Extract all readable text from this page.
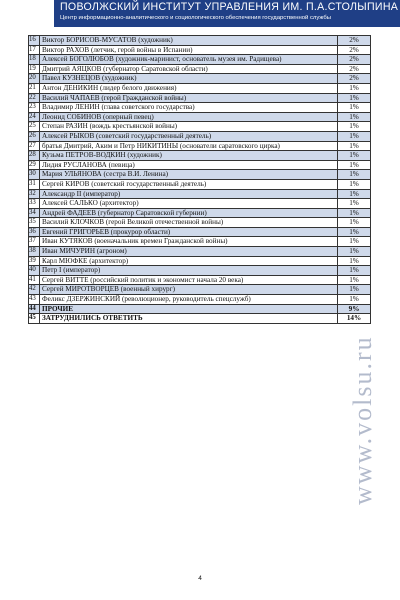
ПОВОЛЖСКИЙ ИНСТИТУТ УПРАВЛЕНИЯ ИМ. П.А.СТОЛЫПИНА
Центр информационно-аналитического и социологического обеспечения государственной службы
16	Виктор БОРИСОВ-МУСАТОВ (художник)	2%
17	Виктор РАХОВ (летчик, герой войны в Испании)	2%
18	Алексей БОГОЛЮБОВ (художник-маринист, основатель музея им. Радищева)	2%
19	Дмитрий АЯЦКОВ (губернатор Саратовской области)	2%
20	Павел КУЗНЕЦОВ (художник)	2%
21	Антон ДЕНИКИН (лидер белого движения)	1%
22	Василий ЧАПАЕВ (герой Гражданской войны)	1%
23	Владимир ЛЕНИН (глава советского государства)	1%
24	Леонид СОБИНОВ (оперный певец)	1%
25	Степан РАЗИН (вождь крестьянской войны)	1%
26	Алексей РЫКОВ (советский государственный деятель)	1%
27	братья Дмитрий, Аким и Петр НИКИТИНЫ (основатели саратовского цирка)	1%
28	Кузьма ПЕТРОВ-ВОДКИН (художник)	1%
29	Лидия РУСЛАНОВА (певица)	1%
30	Мария УЛЬЯНОВА (сестра В.И. Ленина)	1%
31	Сергей КИРОВ (советский государственный деятель)	1%
32	Александр II (император)	1%
33	Алексей САЛЬКО (архитектор)	1%
34	Андрей ФАДЕЕВ (губернатор Саратовской губернии)	1%
35	Василий КЛОЧКОВ (герой Великой отечественной войны)	1%
36	Евгений ГРИГОРЬЕВ (прокурор области)	1%
37	Иван КУТЯКОВ (военачальник времен Гражданской войны)	1%
38	Иван МИЧУРИН (агроном)	1%
39	Карл МЮФКЕ (архитектор)	1%
40	Петр I (император)	1%
41	Сергей ВИТТЕ (российский политик и экономист начала 20 века)	1%
42	Сергей МИРОТВОРЦЕВ (военный хирург)	1%
43	Феликс ДЗЕРЖИНСКИЙ (революционер, руководитель спецслужб)	1%
44	ПРОЧИЕ	9%
45	ЗАТРУДНИЛИСЬ ОТВЕТИТЬ	14%
4
www.volsu.ru
